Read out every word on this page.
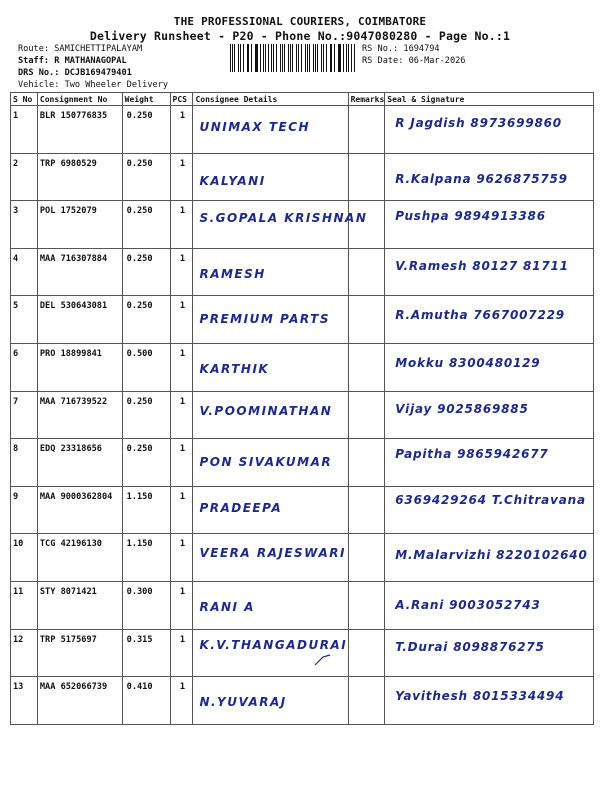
THE PROFESSIONAL COURIERS, COIMBATORE
Delivery Runsheet - P20 - Phone No.:9047080280 - Page No.:1
Route: SAMICHETTIPALAYAM
Staff: R MATHANAGOPAL
DRS No.: DCJB169479401
Vehicle: Two Wheeler Delivery
RS No.: 1694794
RS Date: 06-Mar-2026
S No	Consignment No	Weight	PCS	Consignee Details	Remarks	Seal & Signature
1	BLR 150776835	0.250	1	UNIMAX TECH		R Jagdish 8973699860

2	TRP 6980529	0.250	1	KALYANI		R.Kalpana 9626875759

3	POL 1752079	0.250	1	S.GOPALA KRISHNAN		Pushpa 9894913386

4	MAA 716307884	0.250	1	RAMESH		V.Ramesh 80127 81711

5	DEL 530643081	0.250	1	PREMIUM PARTS		R.Amutha 7667007229

6	PRO 18899841	0.500	1	KARTHIK		Mokku 8300480129

7	MAA 716739522	0.250	1	V.POOMINATHAN		Vijay 9025869885

8	EDQ 23318656	0.250	1	PON SIVAKUMAR		Papitha 9865942677

9	MAA 9000362804	1.150	1	PRADEEPA		6369429264 T.Chitravana

10	TCG 42196130	1.150	1	VEERA RAJESWARI		M.Malarvizhi 8220102640

11	STY 8071421	0.300	1	RANI A		A.Rani 9003052743

12	TRP 5175697	0.315	1	K.V.THANGADURAI		T.Durai 8098876275

13	MAA 652066739	0.410	1	N.YUVARAJ		Yavithesh 8015334494
